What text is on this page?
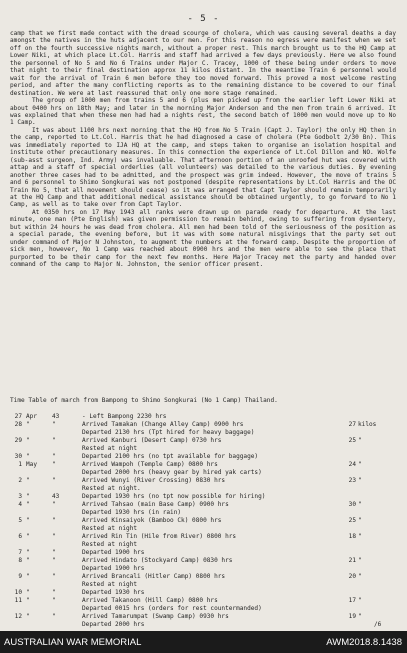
- 5 -

camp that we first made contact with the dread scourge of cholera, which was causing several deaths a day amongst the natives in the huts adjacent to our men. For this reason no egress were manifest when we set off on the fourth successive nights march, without a proper rest. This march brought us to the HQ Camp at Lower Niki, at which place Lt.Col. Harris and staff had arrived a few days previously. Here we also found the personnel of No 5 and No 6 Trains under Major C. Tracey, 1000 of these being under orders to move that night to their final destination approx 11 kilos distant. In the meantime Train 6 personnel would wait for the arrival of Train 6 men before they too moved forward. This proved a most welcome resting period, and after the many conflicting reports as to the remaining distance to be covered to our final destination. We were at last reassured that only one more stage remained.

The group of 1000 men from trains 5 and 6 (plus men picked up from the earlier left Lower Niki at about 0400 hrs on 18th May; and later in the morning Major Anderson and the men from train 6 arrived. It was explained that when these men had had a nights rest, the second batch of 1000 men would move up to No 1 Camp.

It was about 1100 hrs next morning that the HQ from No 5 Train (Capt J. Taylor) the only HQ then in the camp, reported to Lt.Col. Harris that he had diagnosed a case of cholera (Pte Godbolt 2/30 Bn). This was immediately reported to IJA HQ at the camp, and steps taken to organise an isolation hospital and institute other precautionary measures. In this connection the experience of Lt.Col Dillon and NO. Wolfe (sub-asst surgeon, Ind. Army) was invaluable. That afternoon portion of an unroofed hut was covered with attap and a staff of special orderlies (all volunteers) was detailed to the various duties. By evening another three cases had to be admitted, and the prospect was grim indeed. However, the move of trains 5 and 6 personnel to Shimo Songkurai was not postponed (despite representations by Lt.Col Harris and the OC Train No 5, that all movement should cease) so it was arranged that Capt Taylor should remain temporarily at the HQ Camp and that additional medical assistance should be obtained urgently, to go forward to No 1 Camp, as well as to take over from Capt Taylor.

At 0350 hrs on 17 May 1943 all ranks were drawn up on parade ready for departure. At the last minute, one man (Pte English) was given permission to remain behind, owing to suffering from dysentery, but within 24 hours he was dead from cholera. All men had been told of the seriousness of the position as a special parade, the evening before, but it was with some natural misgivings that the party set out under command of Major N Johnston, to augment the numbers at the forward camp. Despite the proportion of sick men, however, No 1 Camp was reached about 0900 hrs and the men were able to see the place that purported to be their camp for the next few months. Here Major Tracey met the party and handed over command of the camp to Major N. Johnston, the senior officer present.

Time Table of march from Bampong to Shimo Songkurai (No 1 Camp) Thailand.
27 Apr 43	- Left Bampong 2230 hrs
28 "	"	Arrived Tamakan (Change Alley Camp) 0900 hrs	27 kilos
Departed 2130 hrs (Tpt hired for heavy baggage)
29 "	"	Arrived Kanburi (Desert Camp) 0730 hrs	25 "
Rested at night
30 "	"	Departed 2100 hrs (no tpt available for baggage)
1 May "	Arrived Wampoh (Temple Camp) 0800 hrs	24 "
Departed 2000 hrs (heavy gear by hired yak carts)
2 "	"	Arrived Wunyi (River Crossing) 0830 hrs	23 "
Rested at night.
3 "	43	Departed 1930 hrs (no tpt now possible for hiring)
4 "	"	Arrived Tahsao (main Base Camp) 0900 hrs	30 "
Departed 1930 hrs (in rain)
5 "	"	Arrived Kinsaiyok (Bamboo Ck) 0800 hrs	25 "
Rested at night
6 "	"	Arrived Rin Tin (Hile from River) 0800 hrs	18 "
Rested at night
7 "	"	Departed 1900 hrs
8 "	"	Arrived Hindato (Stockyard Camp) 0830 hrs	21 "
Departed 1900 hrs
9 "	"	Arrived Brancali (Hitler Camp) 0800 hrs	20 "
Rested at night
10 "	"	Departed 1930 hrs
11 "	"	Arrived Takanoon (Hill Camp) 0800 hrs	17 "
Departed 0015 hrs (orders for rest countermanded)
12 "	"	Arrived Tamarumpat (Swamp Camp) 0930 hrs	19 "
Departed 2000 hrs	/6
AUSTRALIAN WAR MEMORIAL	AWM2018.8.1438
